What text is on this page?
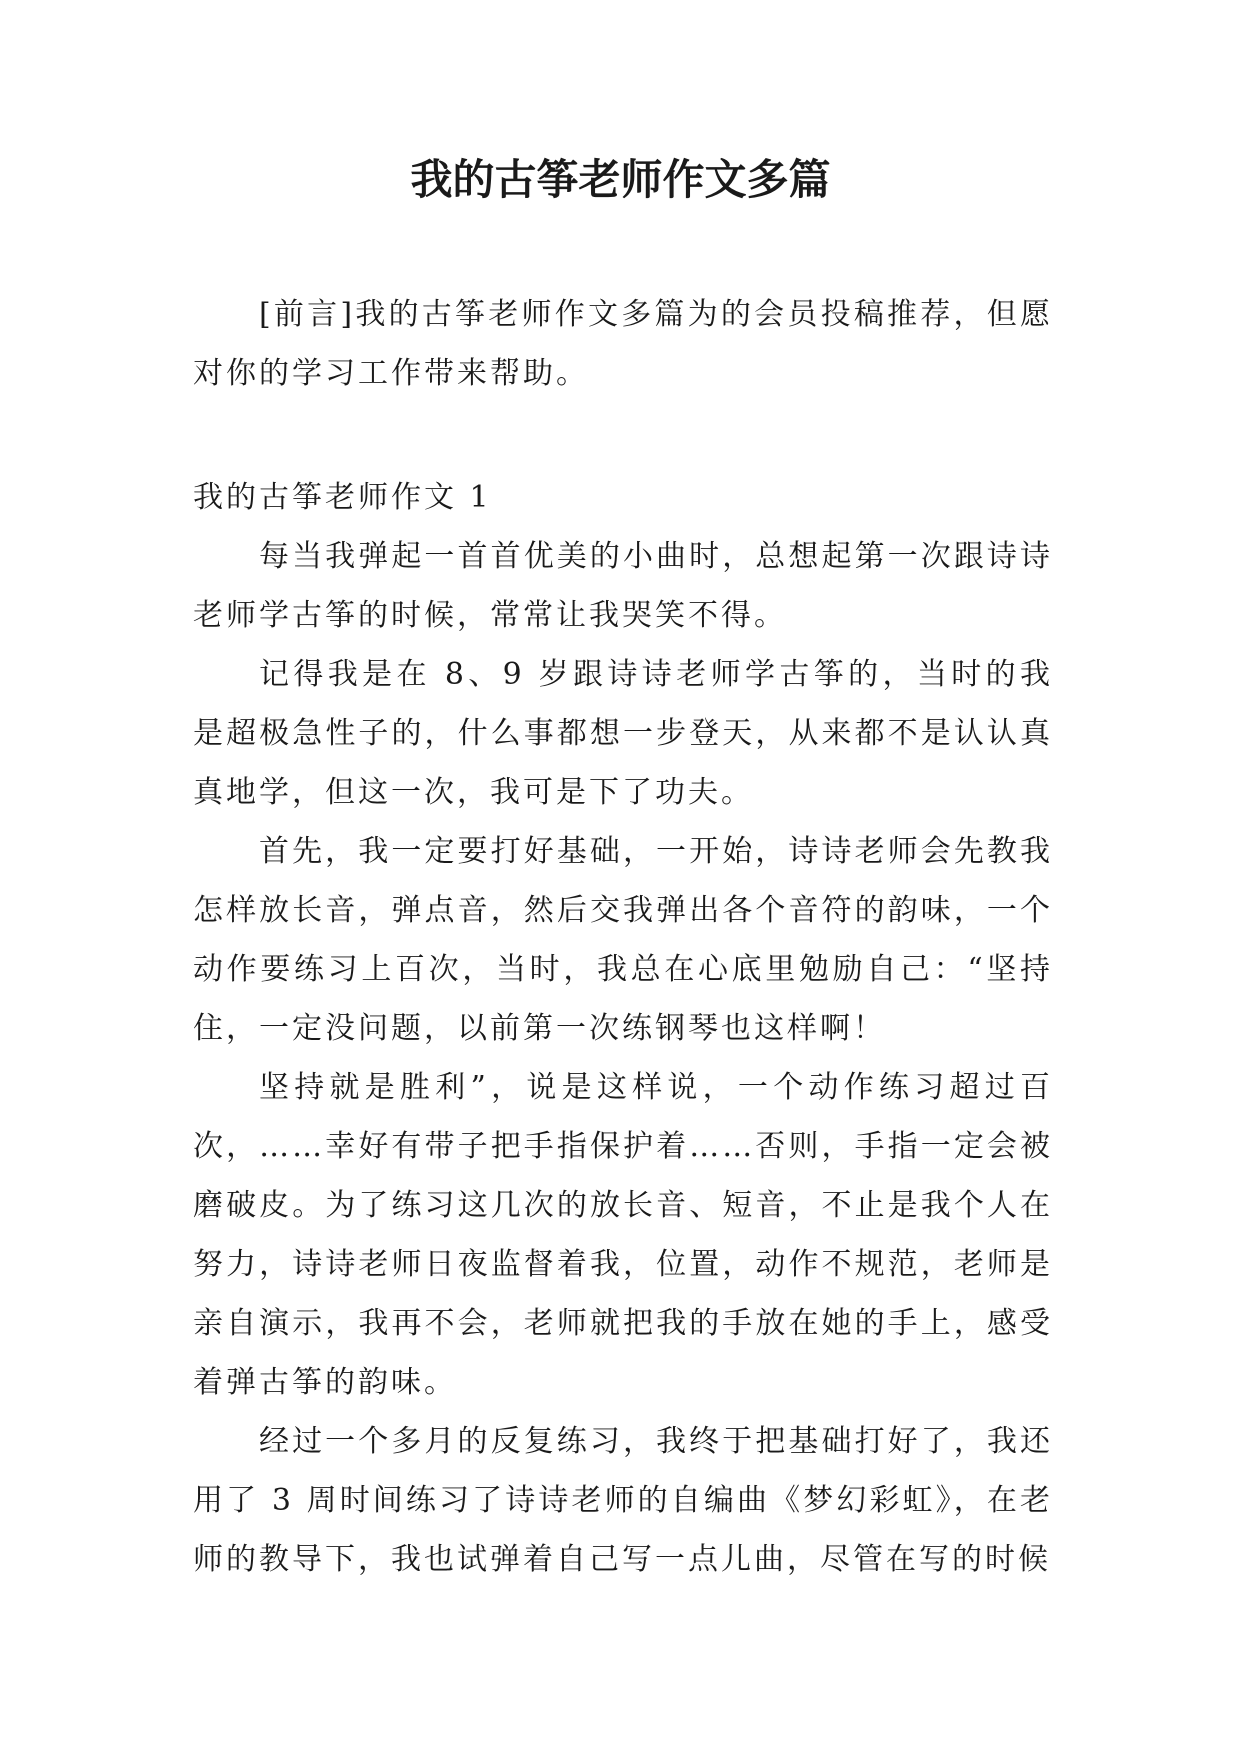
我的古筝老师作文多篇

[前言]我的古筝老师作文多篇为的会员投稿推荐，但愿对你的学习工作带来帮助。

我的古筝老师作文 1

每当我弹起一首首优美的小曲时，总想起第一次跟诗诗老师学古筝的时候，常常让我哭笑不得。

记得我是在 8、9 岁跟诗诗老师学古筝的，当时的我是超极急性子的，什么事都想一步登天，从来都不是认认真真地学，但这一次，我可是下了功夫。

首先，我一定要打好基础，一开始，诗诗老师会先教我怎样放长音，弹点音，然后交我弹出各个音符的韵味，一个动作要练习上百次，当时，我总在心底里勉励自己：“坚持住，一定没问题，以前第一次练钢琴也这样啊！

坚持就是胜利”，说是这样说，一个动作练习超过百次，……幸好有带子把手指保护着……否则，手指一定会被磨破皮。为了练习这几次的放长音、短音，不止是我个人在努力，诗诗老师日夜监督着我，位置，动作不规范，老师是亲自演示，我再不会，老师就把我的手放在她的手上，感受着弹古筝的韵味。

经过一个多月的反复练习，我终于把基础打好了，我还用了 3 周时间练习了诗诗老师的自编曲《梦幻彩虹》，在老师的教导下，我也试弹着自己写一点儿曲，尽管在写的时候
